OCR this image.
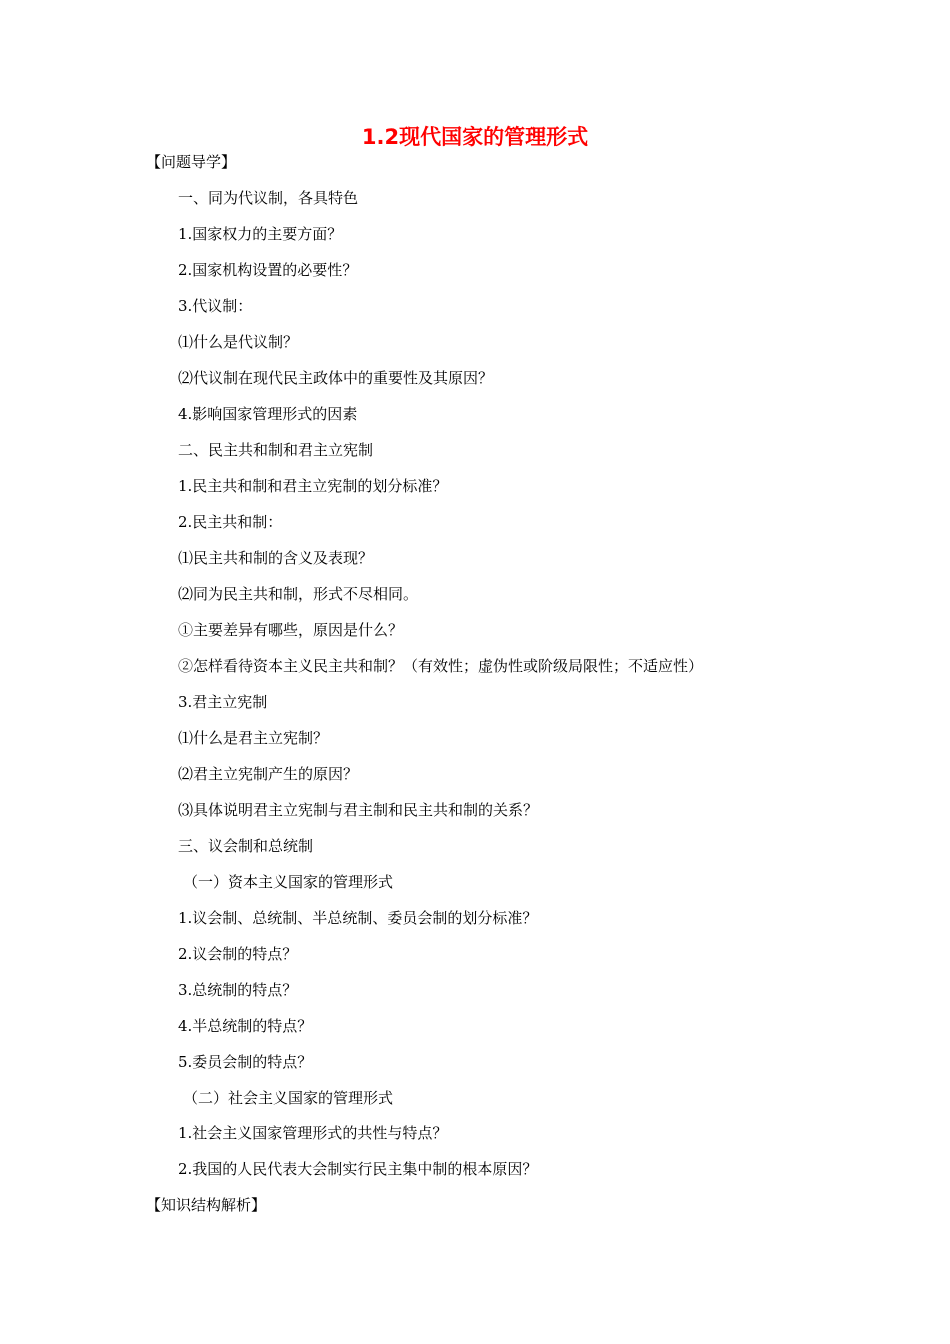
1.2现代国家的管理形式
【问题导学】
一、同为代议制，各具特色
1.国家权力的主要方面？
2.国家机构设置的必要性？
3.代议制：
⑴什么是代议制？
⑵代议制在现代民主政体中的重要性及其原因？
4.影响国家管理形式的因素
二、民主共和制和君主立宪制
1.民主共和制和君主立宪制的划分标准？
2.民主共和制：
⑴民主共和制的含义及表现？
⑵同为民主共和制，形式不尽相同。
①主要差异有哪些，原因是什么？
②怎样看待资本主义民主共和制？（有效性；虚伪性或阶级局限性；不适应性）
3.君主立宪制
⑴什么是君主立宪制？
⑵君主立宪制产生的原因？
⑶具体说明君主立宪制与君主制和民主共和制的关系？
三、议会制和总统制
（一）资本主义国家的管理形式
1.议会制、总统制、半总统制、委员会制的划分标准？
2.议会制的特点？
3.总统制的特点？
4.半总统制的特点？
5.委员会制的特点？
（二）社会主义国家的管理形式
1.社会主义国家管理形式的共性与特点？
2.我国的人民代表大会制实行民主集中制的根本原因？
【知识结构解析】
